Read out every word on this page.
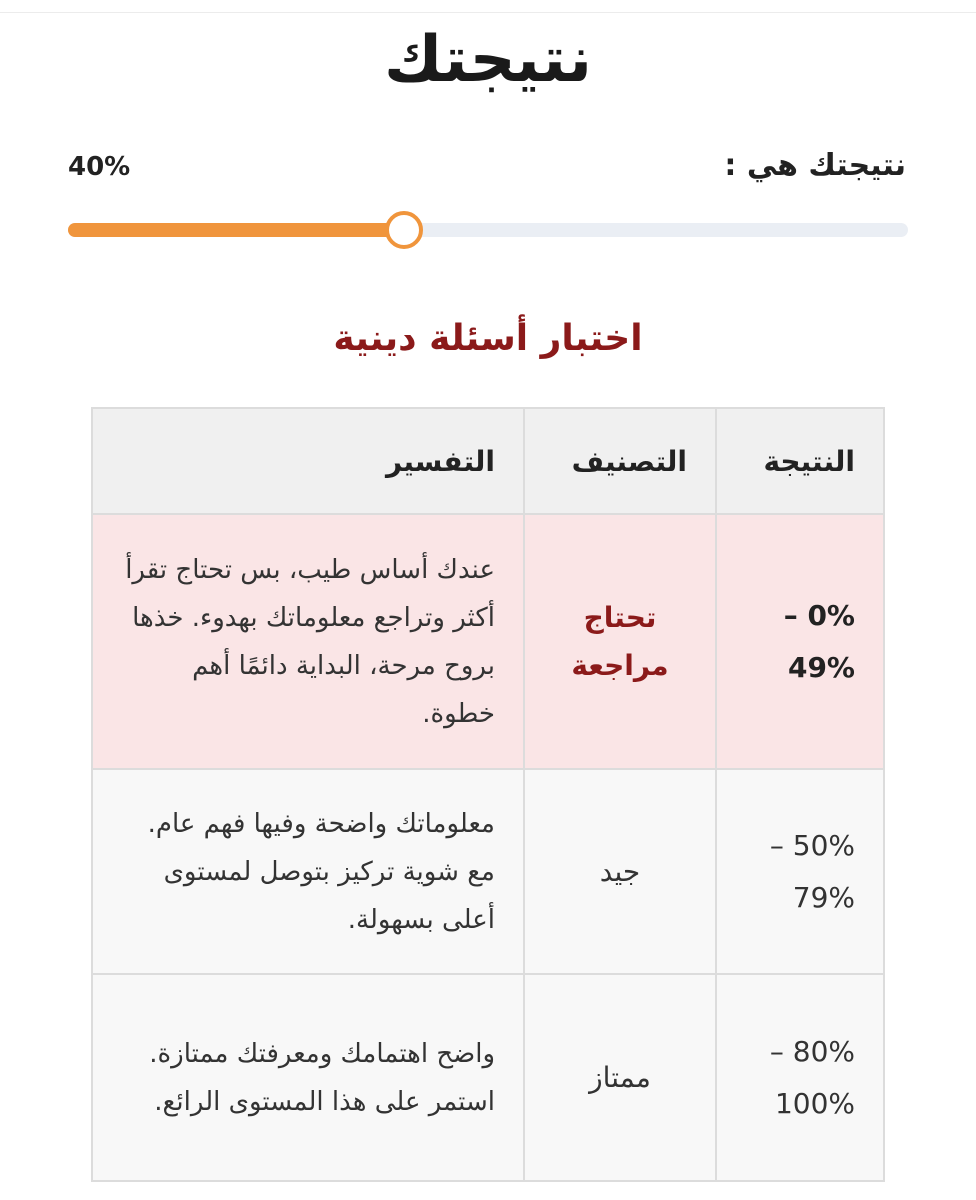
نتيجتك
نتيجتك هي :
40%
اختبار أسئلة دينية
النتيجة	التصنيف	التفسير
0% – 49%	تحتاج مراجعة	عندك أساس طيب، بس تحتاج تقرأ أكثر وتراجع معلوماتك بهدوء. خذها بروح مرحة، البداية دائمًا أهم خطوة.
50% – 79%	جيد	معلوماتك واضحة وفيها فهم عام. مع شوية تركيز بتوصل لمستوى أعلى بسهولة.
80% – 100%	ممتاز	واضح اهتمامك ومعرفتك ممتازة. استمر على هذا المستوى الرائع.
